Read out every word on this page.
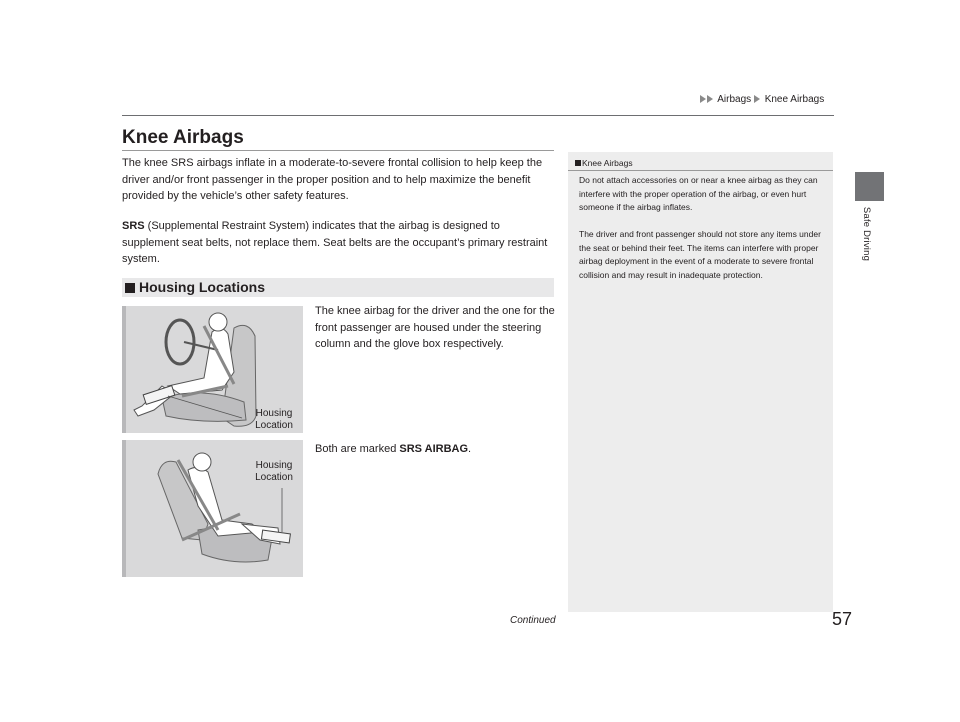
Airbags Knee Airbags
Safe Driving
Knee Airbags
The knee SRS airbags inflate in a moderate-to-severe frontal collision to help keep the driver and/or front passenger in the proper position and to help maximize the benefit provided by the vehicle’s other safety features.
SRS (Supplemental Restraint System) indicates that the airbag is designed to supplement seat belts, not replace them. Seat belts are the occupant’s primary restraint system.
Housing Locations
The knee airbag for the driver and the one for the front passenger are housed under the steering column and the glove box respectively.
Both are marked SRS AIRBAG.
Housing
Location
Housing
Location
Knee Airbags
Do not attach accessories on or near a knee airbag as they can interfere with the proper operation of the airbag, or even hurt someone if the airbag inflates.
The driver and front passenger should not store any items under the seat or behind their feet. The items can interfere with proper airbag deployment in the event of a moderate to severe frontal collision and may result in inadequate protection.
Continued	57
